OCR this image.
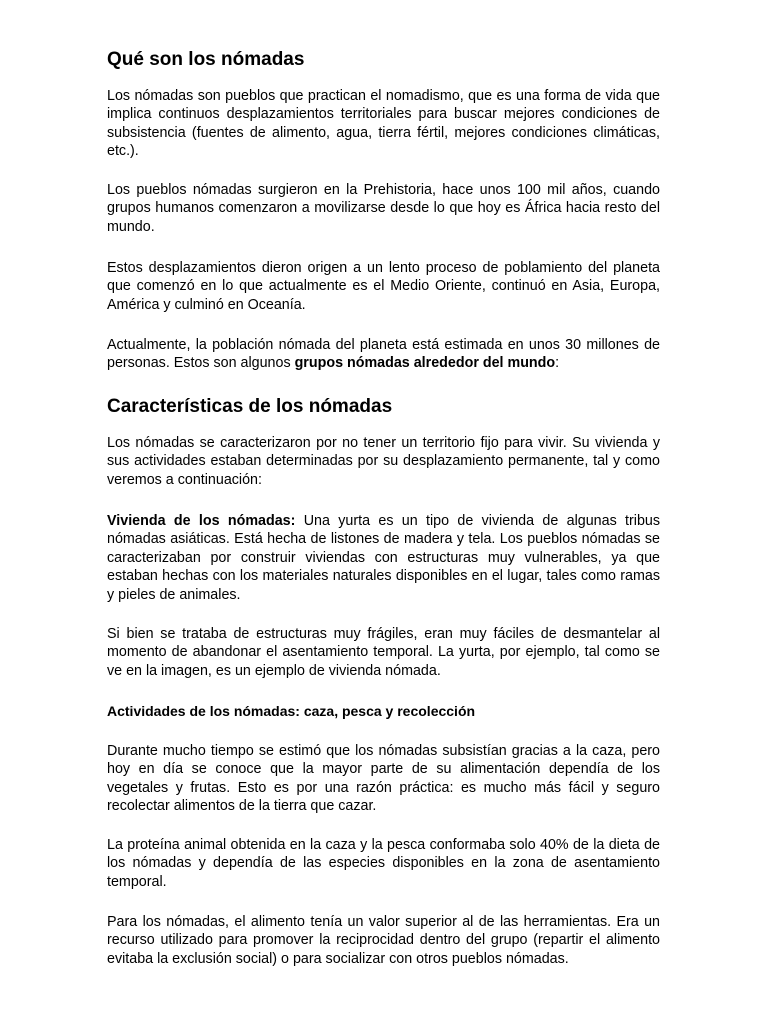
Qué son los nómadas

Los nómadas son pueblos que practican el nomadismo, que es una forma de vida que implica continuos desplazamientos territoriales para buscar mejores condiciones de subsistencia (fuentes de alimento, agua, tierra fértil, mejores condiciones climáticas, etc.).

Los pueblos nómadas surgieron en la Prehistoria, hace unos 100 mil años, cuando grupos humanos comenzaron a movilizarse desde lo que hoy es África hacia resto del mundo.

Estos desplazamientos dieron origen a un lento proceso de poblamiento del planeta que comenzó en lo que actualmente es el Medio Oriente, continuó en Asia, Europa, América y culminó en Oceanía.

Actualmente, la población nómada del planeta está estimada en unos 30 millones de personas. Estos son algunos grupos nómadas alrededor del mundo:

Características de los nómadas

Los nómadas se caracterizaron por no tener un territorio fijo para vivir. Su vivienda y sus actividades estaban determinadas por su desplazamiento permanente, tal y como veremos a continuación:

Vivienda de los nómadas: Una yurta es un tipo de vivienda de algunas tribus nómadas asiáticas. Está hecha de listones de madera y tela. Los pueblos nómadas se caracterizaban por construir viviendas con estructuras muy vulnerables, ya que estaban hechas con los materiales naturales disponibles en el lugar, tales como ramas y pieles de animales.

Si bien se trataba de estructuras muy frágiles, eran muy fáciles de desmantelar al momento de abandonar el asentamiento temporal. La yurta, por ejemplo, tal como se ve en la imagen, es un ejemplo de vivienda nómada.

Actividades de los nómadas: caza, pesca y recolección

Durante mucho tiempo se estimó que los nómadas subsistían gracias a la caza, pero hoy en día se conoce que la mayor parte de su alimentación dependía de los vegetales y frutas. Esto es por una razón práctica: es mucho más fácil y seguro recolectar alimentos de la tierra que cazar.

La proteína animal obtenida en la caza y la pesca conformaba solo 40% de la dieta de los nómadas y dependía de las especies disponibles en la zona de asentamiento temporal.

Para los nómadas, el alimento tenía un valor superior al de las herramientas. Era un recurso utilizado para promover la reciprocidad dentro del grupo (repartir el alimento evitaba la exclusión social) o para socializar con otros pueblos nómadas.
